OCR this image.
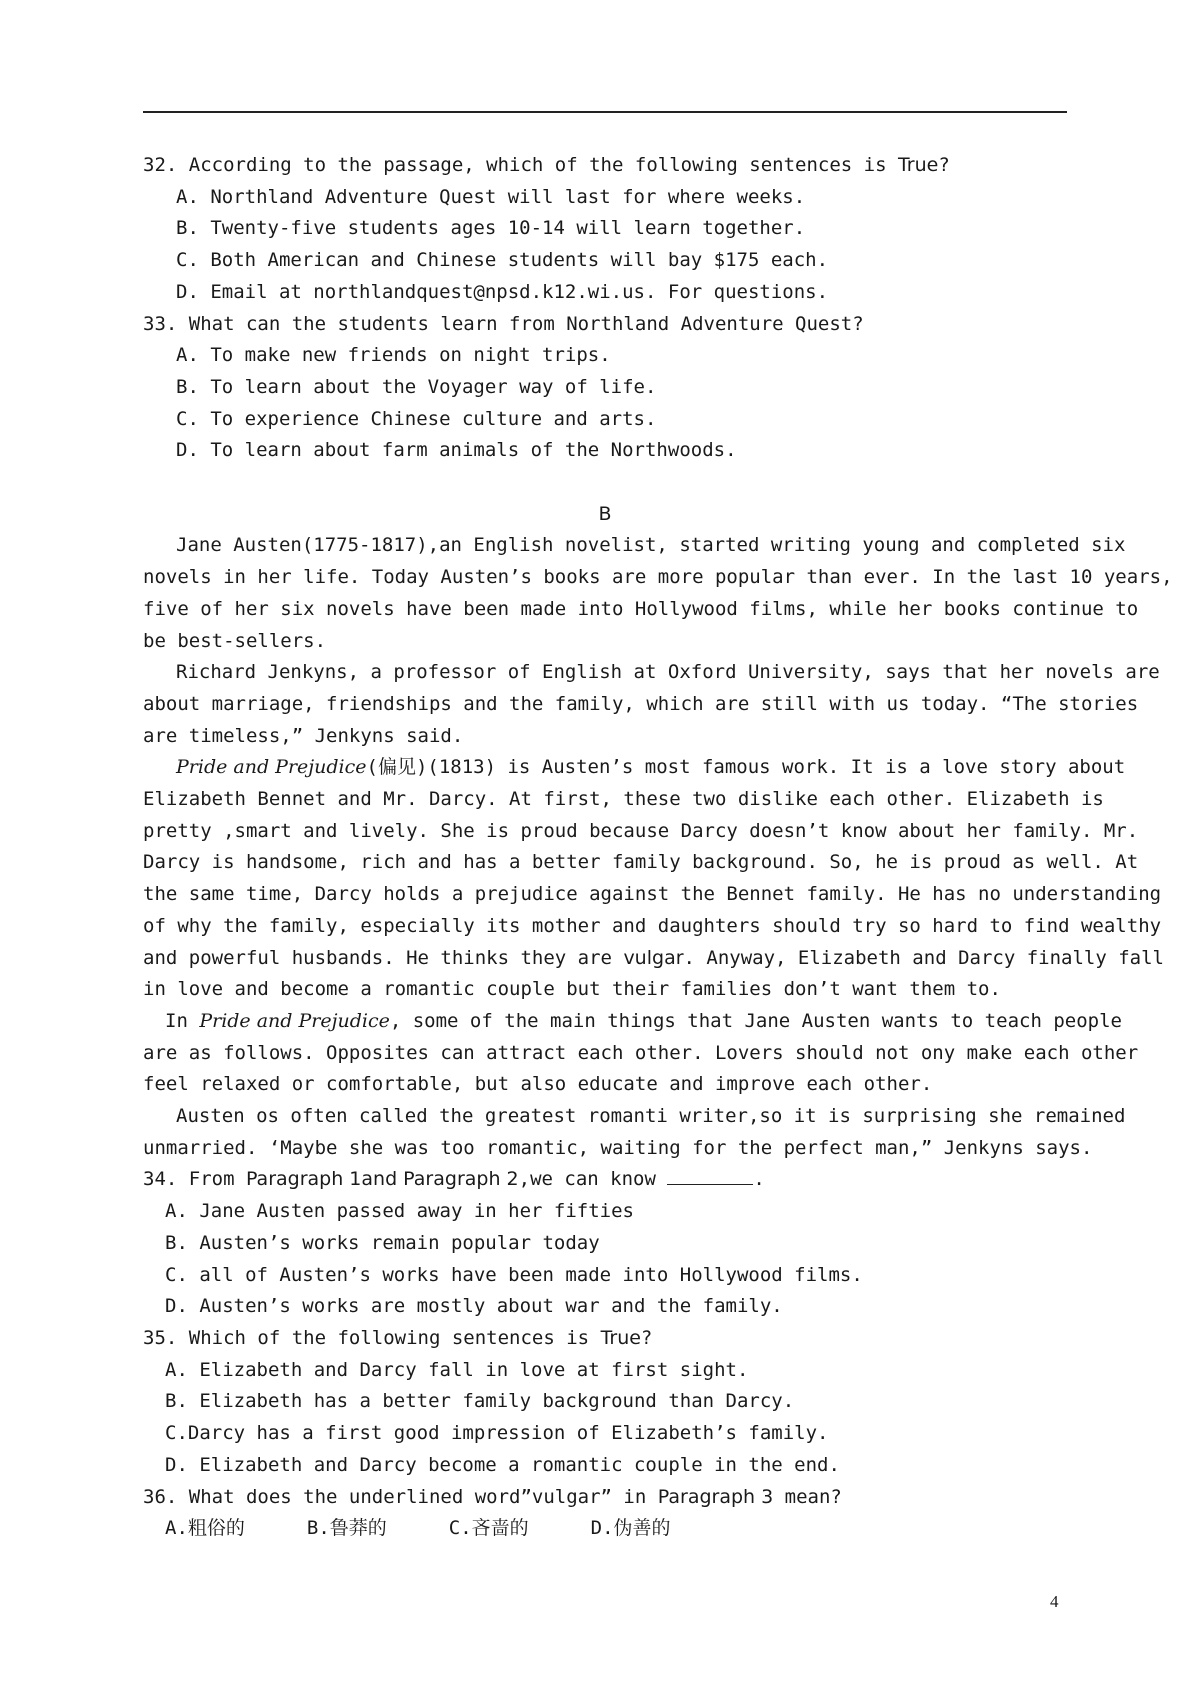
32. According to the passage, which of the following sentences is True?
A. Northland Adventure Quest will last for where weeks.
B. Twenty-five students ages 10-14 will learn together.
C. Both American and Chinese students will bay $175 each.
D. Email at northlandquest@npsd.k12.wi.us. For questions.
33. What can the students learn from Northland Adventure Quest?
A. To make new friends on night trips.
B. To learn about the Voyager way of life.
C. To experience Chinese culture and arts.
D. To learn about farm animals of the Northwoods.
B
Jane Austen(1775-1817),an English novelist, started writing young and completed six
novels in her life. Today Austen’s books are more popular than ever. In the last 10 years,
five of her six novels have been made into Hollywood films, while her books continue to
be best-sellers.
Richard Jenkyns, a professor of English at Oxford University, says that her novels are
about marriage, friendships and the family, which are still with us today. “The stories
are timeless,” Jenkyns said.
Pride and Prejudice(偏见)(1813) is Austen’s most famous work. It is a love story about
Elizabeth Bennet and Mr. Darcy. At first, these two dislike each other. Elizabeth is
pretty ,smart and lively. She is proud because Darcy doesn’t know about her family. Mr.
Darcy is handsome, rich and has a better family background. So, he is proud as well. At
the same time, Darcy holds a prejudice against the Bennet family. He has no understanding
of why the family, especially its mother and daughters should try so hard to find wealthy
and powerful husbands. He thinks they are vulgar. Anyway, Elizabeth and Darcy finally fall
in love and become a romantic couple but their families don’t want them to.
In Pride and Prejudice, some of the main things that Jane Austen wants to teach people
are as follows. Opposites can attract each other. Lovers should not ony make each other
feel relaxed or comfortable, but also educate and improve each other.
Austen os often called the greatest romanti writer,so it is surprising she remained
unmarried. ‘Maybe she was too romantic, waiting for the perfect man,” Jenkyns says.
34. From Paragraph 1and Paragraph 2,we can know	.
A. Jane Austen passed away in her fifties
B. Austen’s works remain popular today
C. all of Austen’s works have been made into Hollywood films.
D. Austen’s works are mostly about war and the family.
35. Which of the following sentences is True?
A. Elizabeth and Darcy fall in love at first sight.
B. Elizabeth has a better family background than Darcy.
C.Darcy has a first good impression of Elizabeth’s family.
D. Elizabeth and Darcy become a romantic couple in the end.
36. What does the underlined word”vulgar” in Paragraph 3 mean?
A.粗俗的	B.鲁莽的	C.吝啬的	D.伪善的
4
